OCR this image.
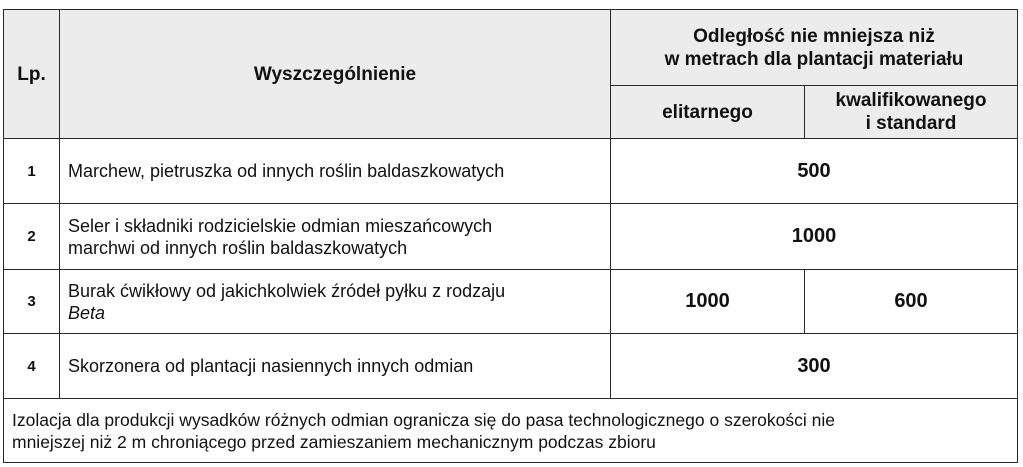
Lp.	Wyszczególnienie	Odległość nie mniejsza niż
w metrach dla plantacji materiału	

		elitarnego	kwalifikowanego
i standard

1	Marchew, pietruszka od innych roślin baldaszkowatych	500	
2	Seler i składniki rodzicielskie odmian mieszańcowych
marchwi od innych roślin baldaszkowatych	1000	
3	Burak ćwikłowy od jakichkolwiek źródeł pyłku z rodzaju
Beta	1000	600
4	Skorzonera od plantacji nasiennych innych odmian	300	

Izolacja dla produkcji wysadków różnych odmian ogranicza się do pasa technologicznego o szerokości nie
mniejszej niż 2 m chroniącego przed zamieszaniem mechanicznym podczas zbioru			
